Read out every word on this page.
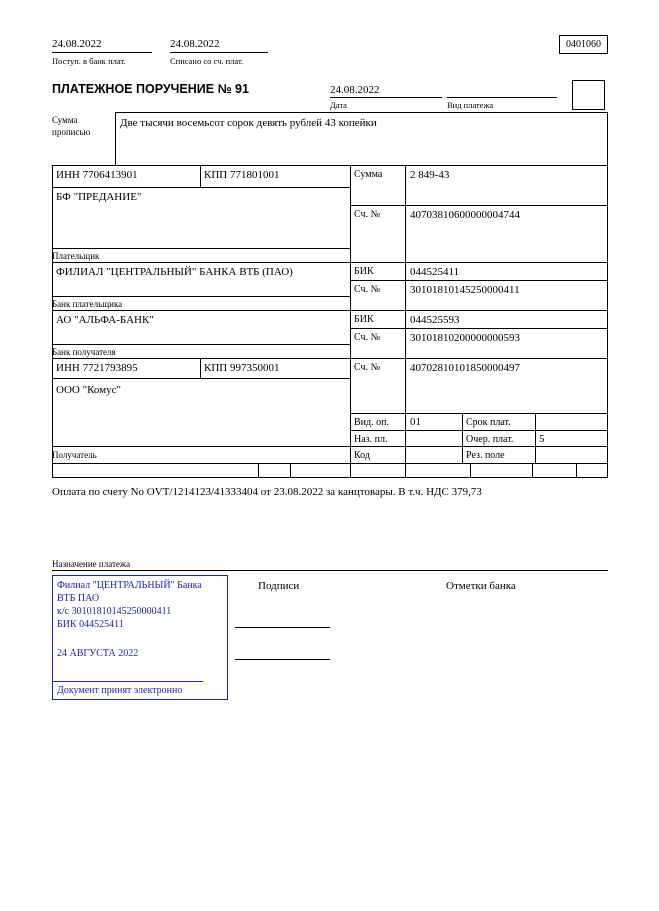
24.08.2022
Поступ. в банк плат.
24.08.2022
Списано со сч. плат.
0401060
ПЛАТЕЖНОЕ ПОРУЧЕНИЕ № 91	24.08.2022
Дата	Вид платежа
Сумма
прописью
Две тысячи восемьсот сорок девять рублей 43 копейки
ИНН 7706413901	КПП 771801001	Сумма	2 849-43
БФ "ПРЕДАНИЕ"
Сч. №	40703810600000004744
Плательщик
ФИЛИАЛ "ЦЕНТРАЛЬНЫЙ" БАНКА ВТБ (ПАО)	БИК	044525411
Сч. №	30101810145250000411
Банк плательщика
АО "АЛЬФА-БАНК"	БИК	044525593
Сч. №	30101810200000000593
Банк получателя
ИНН 7721793895	КПП 997350001	Сч. №	40702810101850000497
ООО "Комус"
Получатель
Вид. оп. 01	Срок плат.
Наз. пл.	Очер. плат. 5
Код	Рез. поле
Оплата по счету No OVT/1214123/41333404 от 23.08.2022 за канцтовары. В т.ч. НДС 379,73
Назначение платежа
Филиал "ЦЕНТРАЛЬНЫЙ" Банка
ВТБ ПАО
к/с 30101810145250000411
БИК 044525411
24 АВГУСТА 2022
Документ принят электронно
Подписи	Отметки банка
